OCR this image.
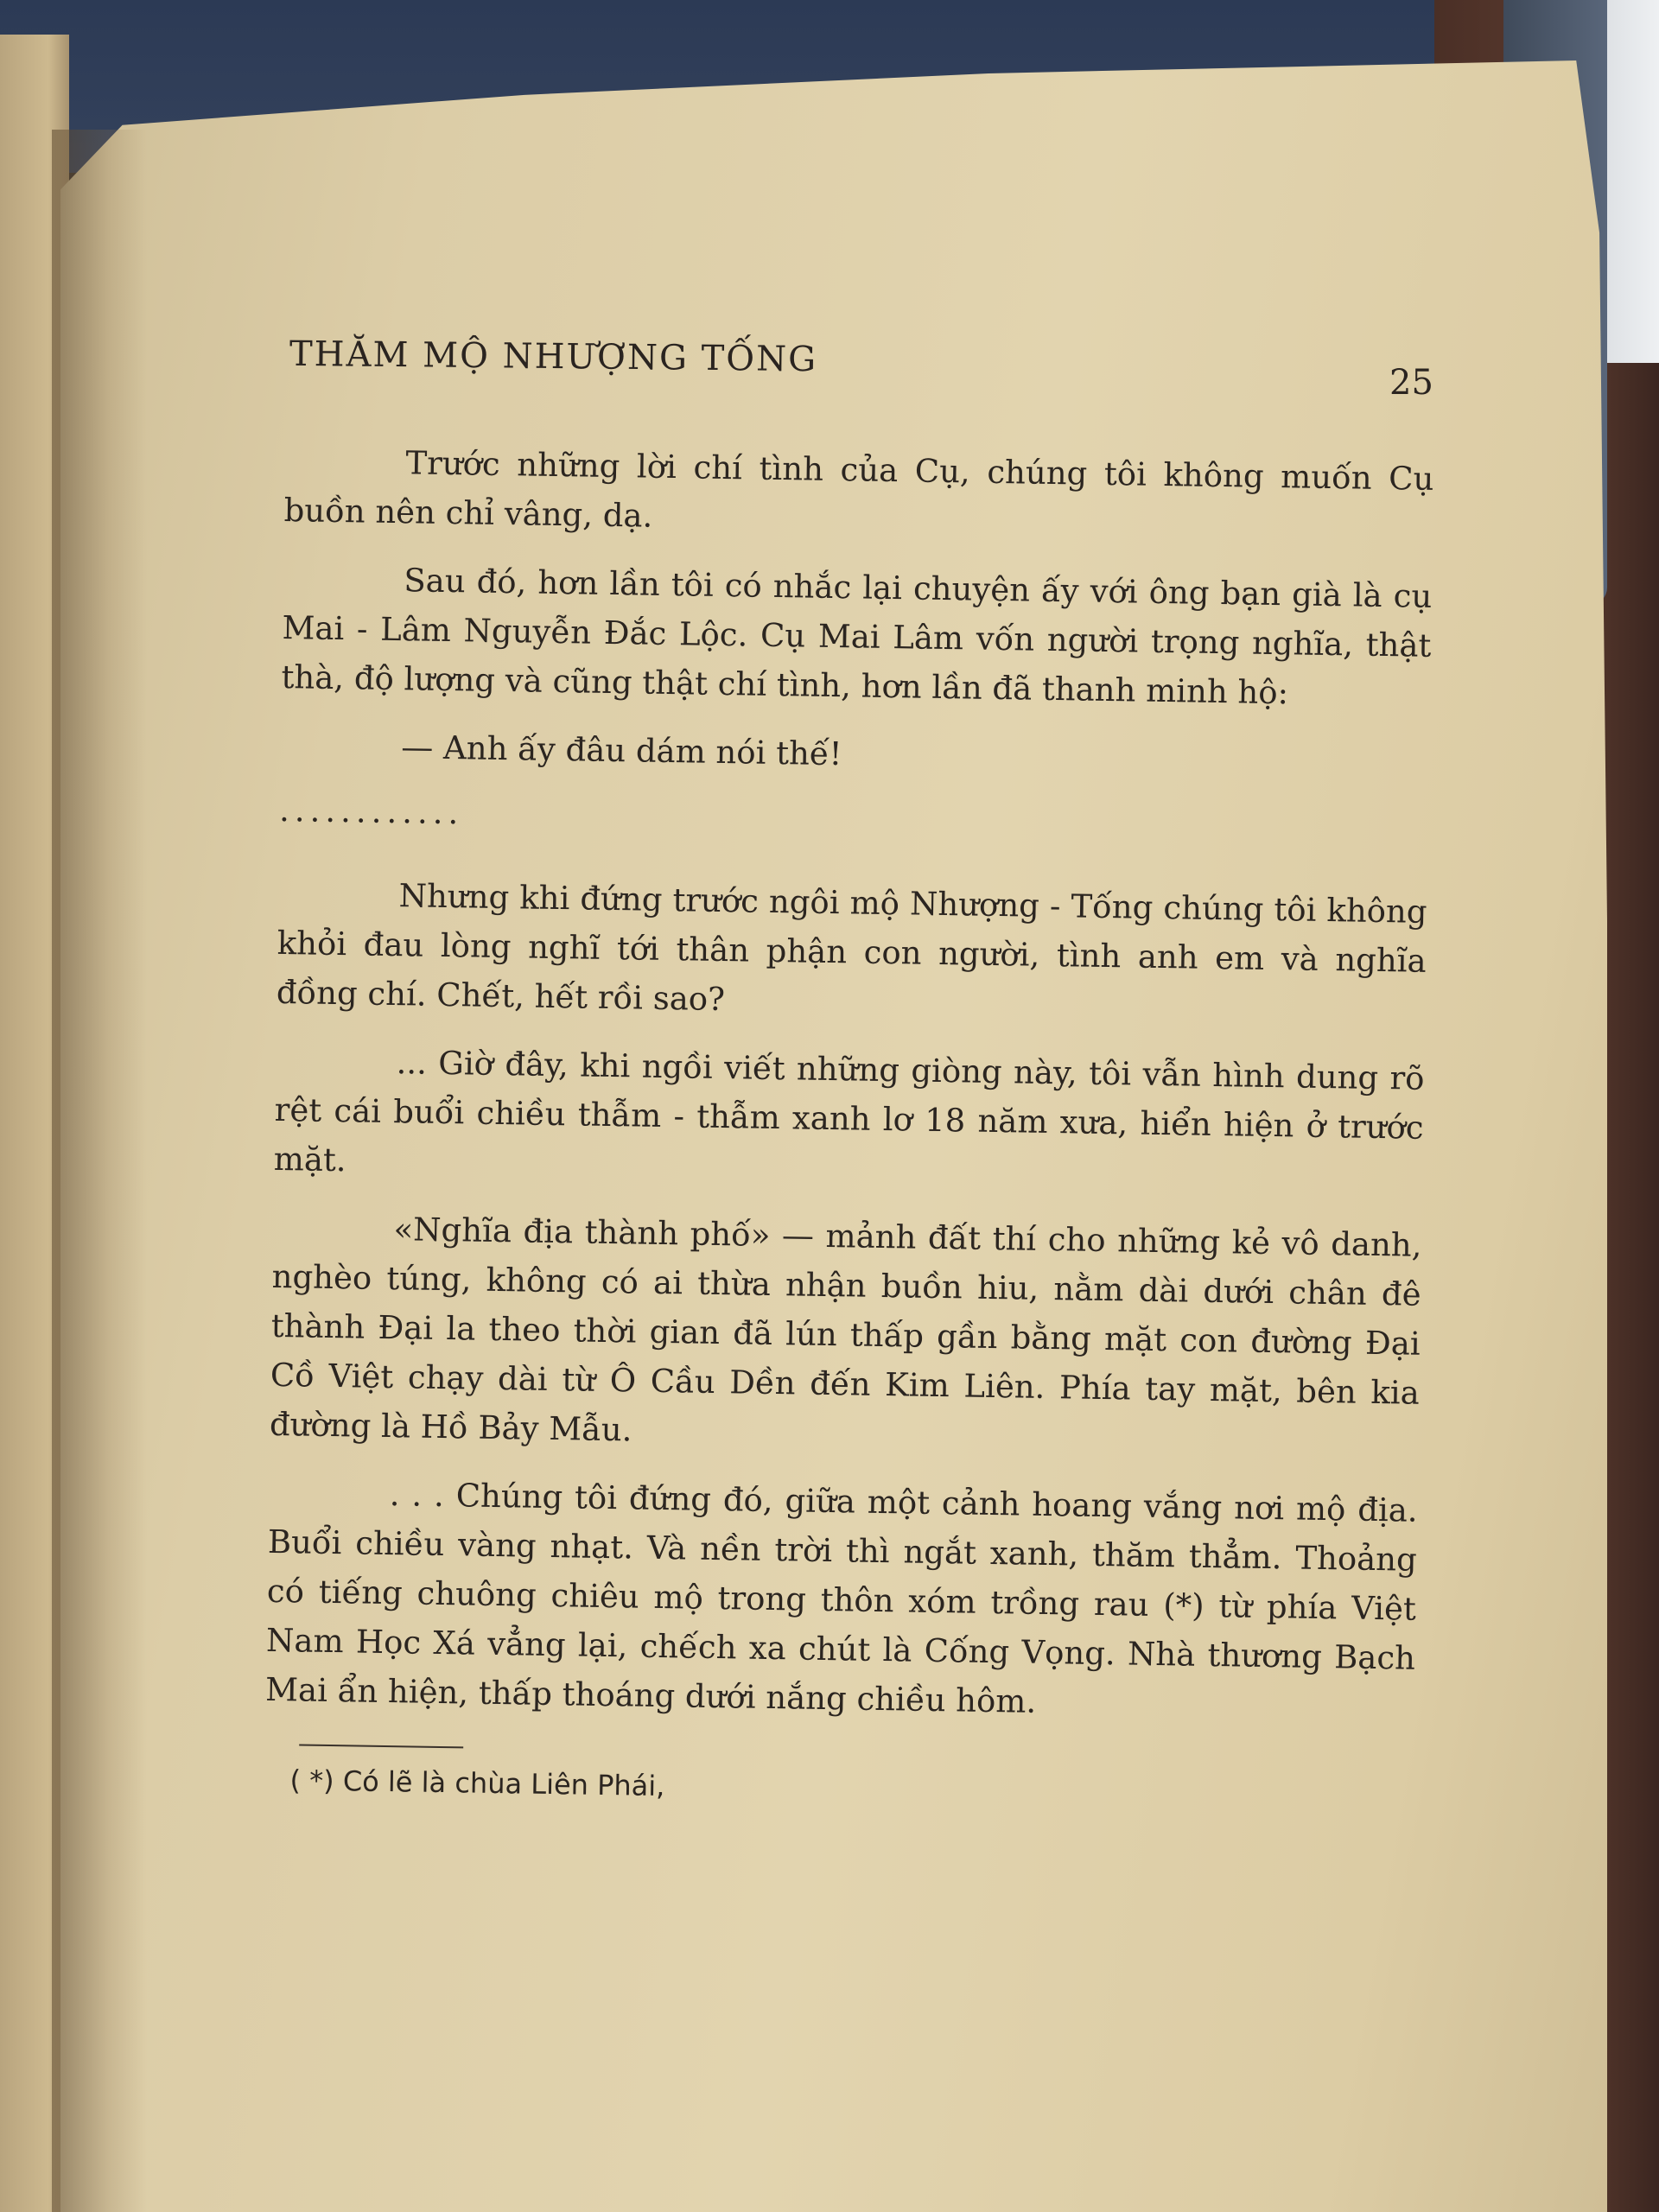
THĂM MỘ NHƯỢNG TỐNG
25

Trước những lời chí tình của Cụ, chúng tôi không muốn Cụ buồn nên chỉ vâng, dạ.

Sau đó, hơn lần tôi có nhắc lại chuyện ấy với ông bạn già là cụ Mai - Lâm Nguyễn Đắc Lộc. Cụ Mai Lâm vốn người trọng nghĩa, thật thà, độ lượng và cũng thật chí tình, hơn lần đã thanh minh hộ:

— Anh ấy đâu dám nói thế!

............

Nhưng khi đứng trước ngôi mộ Nhượng - Tống chúng tôi không khỏi đau lòng nghĩ tới thân phận con người, tình anh em và nghĩa đồng chí. Chết, hết rồi sao?

... Giờ đây, khi ngồi viết những giòng này, tôi vẫn hình dung rõ rệt cái buổi chiều thẫm - thẫm xanh lơ 18 năm xưa, hiển hiện ở trước mặt.

«Nghĩa địa thành phố» — mảnh đất thí cho những kẻ vô danh, nghèo túng, không có ai thừa nhận buồn hiu, nằm dài dưới chân đê thành Đại la theo thời gian đã lún thấp gần bằng mặt con đường Đại Cồ Việt chạy dài từ Ô Cầu Dền đến Kim Liên. Phía tay mặt, bên kia đường là Hồ Bảy Mẫu.

. . . Chúng tôi đứng đó, giữa một cảnh hoang vắng nơi mộ địa. Buổi chiều vàng nhạt. Và nền trời thì ngắt xanh, thăm thẳm. Thoảng có tiếng chuông chiêu mộ trong thôn xóm trồng rau (*) từ phía Việt Nam Học Xá vẳng lại, chếch xa chút là Cống Vọng. Nhà thương Bạch Mai ẩn hiện, thấp thoáng dưới nắng chiều hôm.

( *) Có lẽ là chùa Liên Phái,
